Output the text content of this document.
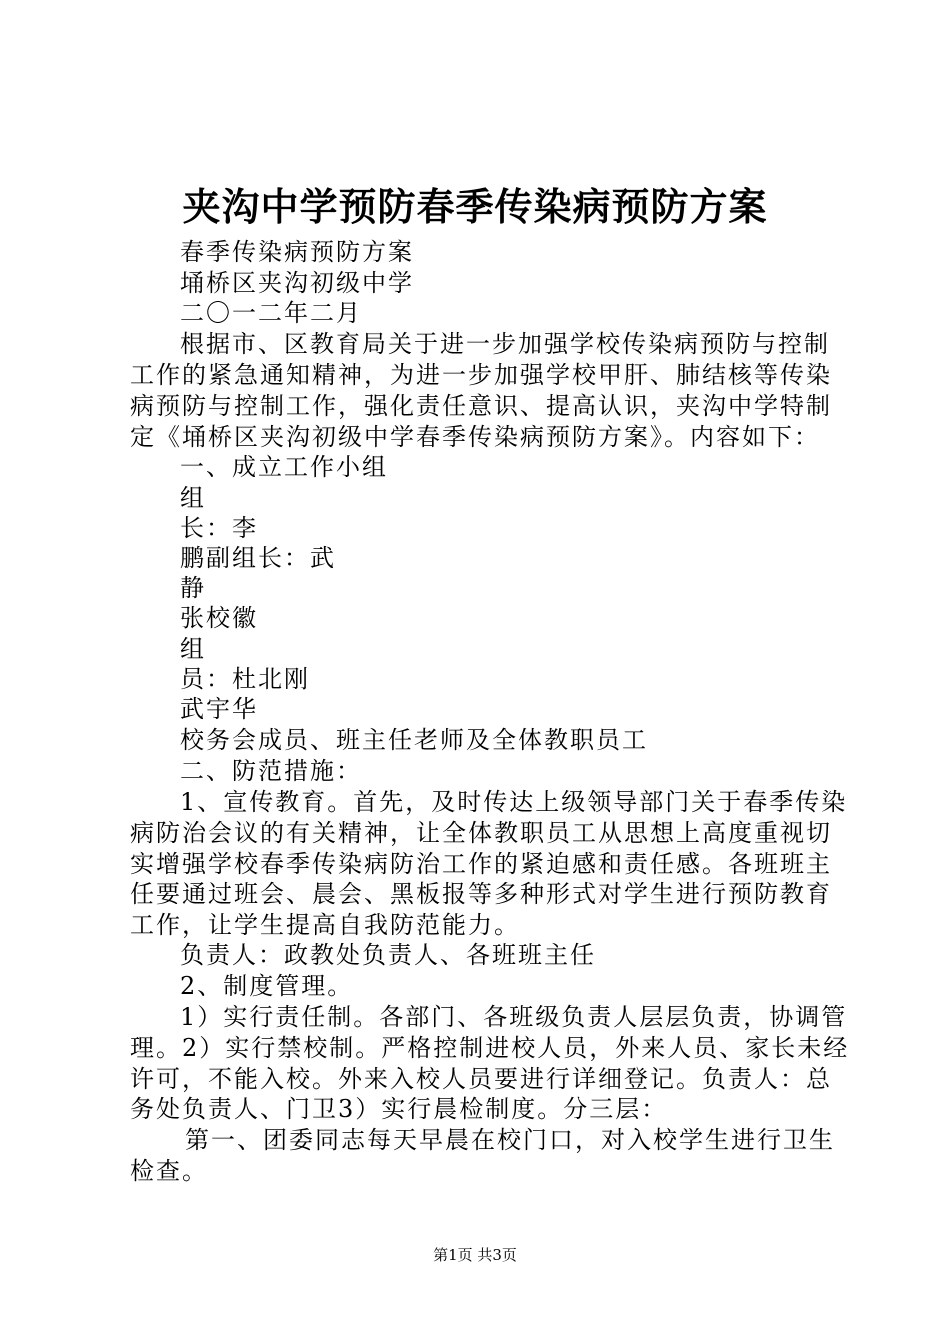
夹沟中学预防春季传染病预防方案
春季传染病预防方案
埇桥区夹沟初级中学
二〇一二年二月
根据市、区教育局关于进一步加强学校传染病预防与控制
工作的紧急通知精神，为进一步加强学校甲肝、肺结核等传染
病预防与控制工作，强化责任意识、提高认识，夹沟中学特制
定《埇桥区夹沟初级中学春季传染病预防方案》。内容如下：
一、成立工作小组
组
长：李
鹏副组长：武
静
张校徽
组
员：杜北刚
武宇华
校务会成员、班主任老师及全体教职员工
二、防范措施：
1、宣传教育。首先，及时传达上级领导部门关于春季传染
病防治会议的有关精神，让全体教职员工从思想上高度重视切
实增强学校春季传染病防治工作的紧迫感和责任感。各班班主
任要通过班会、晨会、黑板报等多种形式对学生进行预防教育
工作，让学生提高自我防范能力。
负责人：政教处负责人、各班班主任
2、制度管理。
1）实行责任制。各部门、各班级负责人层层负责，协调管
理。2）实行禁校制。严格控制进校人员，外来人员、家长未经
许可，不能入校。外来入校人员要进行详细登记。负责人：总
务处负责人、门卫3）实行晨检制度。分三层：
第一、团委同志每天早晨在校门口，对入校学生进行卫生
检查。
第1页 共3页
